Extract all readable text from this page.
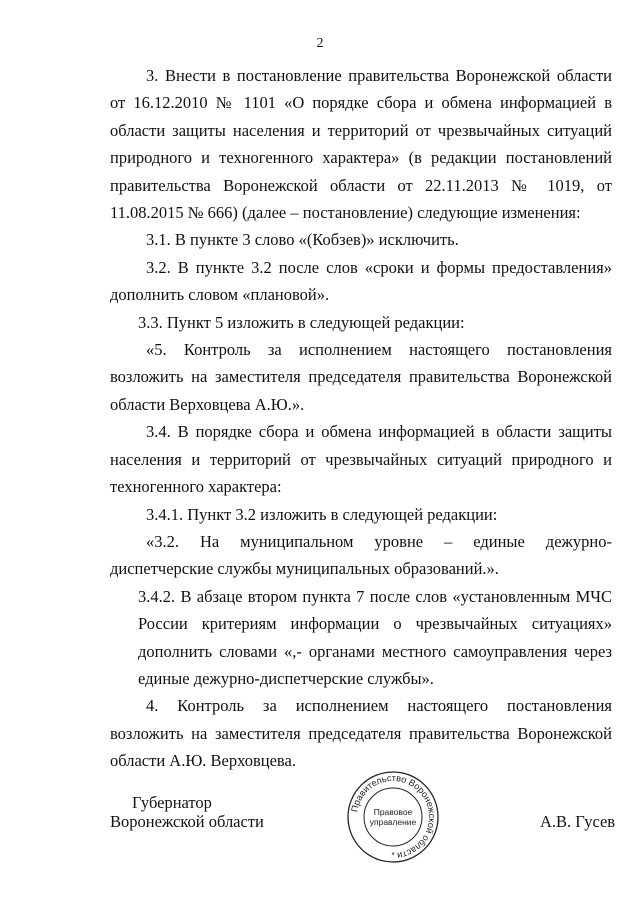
2

3. Внести в постановление правительства Воронежской области от 16.12.2010 № 1101 «О порядке сбора и обмена информацией в области защиты населения и территорий от чрезвычайных ситуаций природного и техногенного характера» (в редакции постановлений правительства Воронежской области от 22.11.2013 № 1019, от 11.08.2015 № 666) (далее – постановление) следующие изменения:

3.1. В пункте 3 слово «(Кобзев)» исключить.

3.2. В пункте 3.2 после слов «сроки и формы предоставления» дополнить словом «плановой».

3.3. Пункт 5 изложить в следующей редакции:

«5. Контроль за исполнением настоящего постановления возложить на заместителя председателя правительства Воронежской области Верховцева А.Ю.».

3.4. В порядке сбора и обмена информацией в области защиты населения и территорий от чрезвычайных ситуаций природного и техногенного характера:

3.4.1. Пункт 3.2 изложить в следующей редакции:

«3.2. На муниципальном уровне – единые дежурно-диспетчерские службы муниципальных образований.».

3.4.2. В абзаце втором пункта 7 после слов «установленным МЧС России критериям информации о чрезвычайных ситуациях» дополнить словами «,- органами местного самоуправления через единые дежурно-диспетчерские службы».

4. Контроль за исполнением настоящего постановления возложить на заместителя председателя правительства Воронежской области А.Ю. Верховцева.

Губернатор
Воронежской области
Правительство Воронежской области
Правовое
управление
*
А.В. Гусев
